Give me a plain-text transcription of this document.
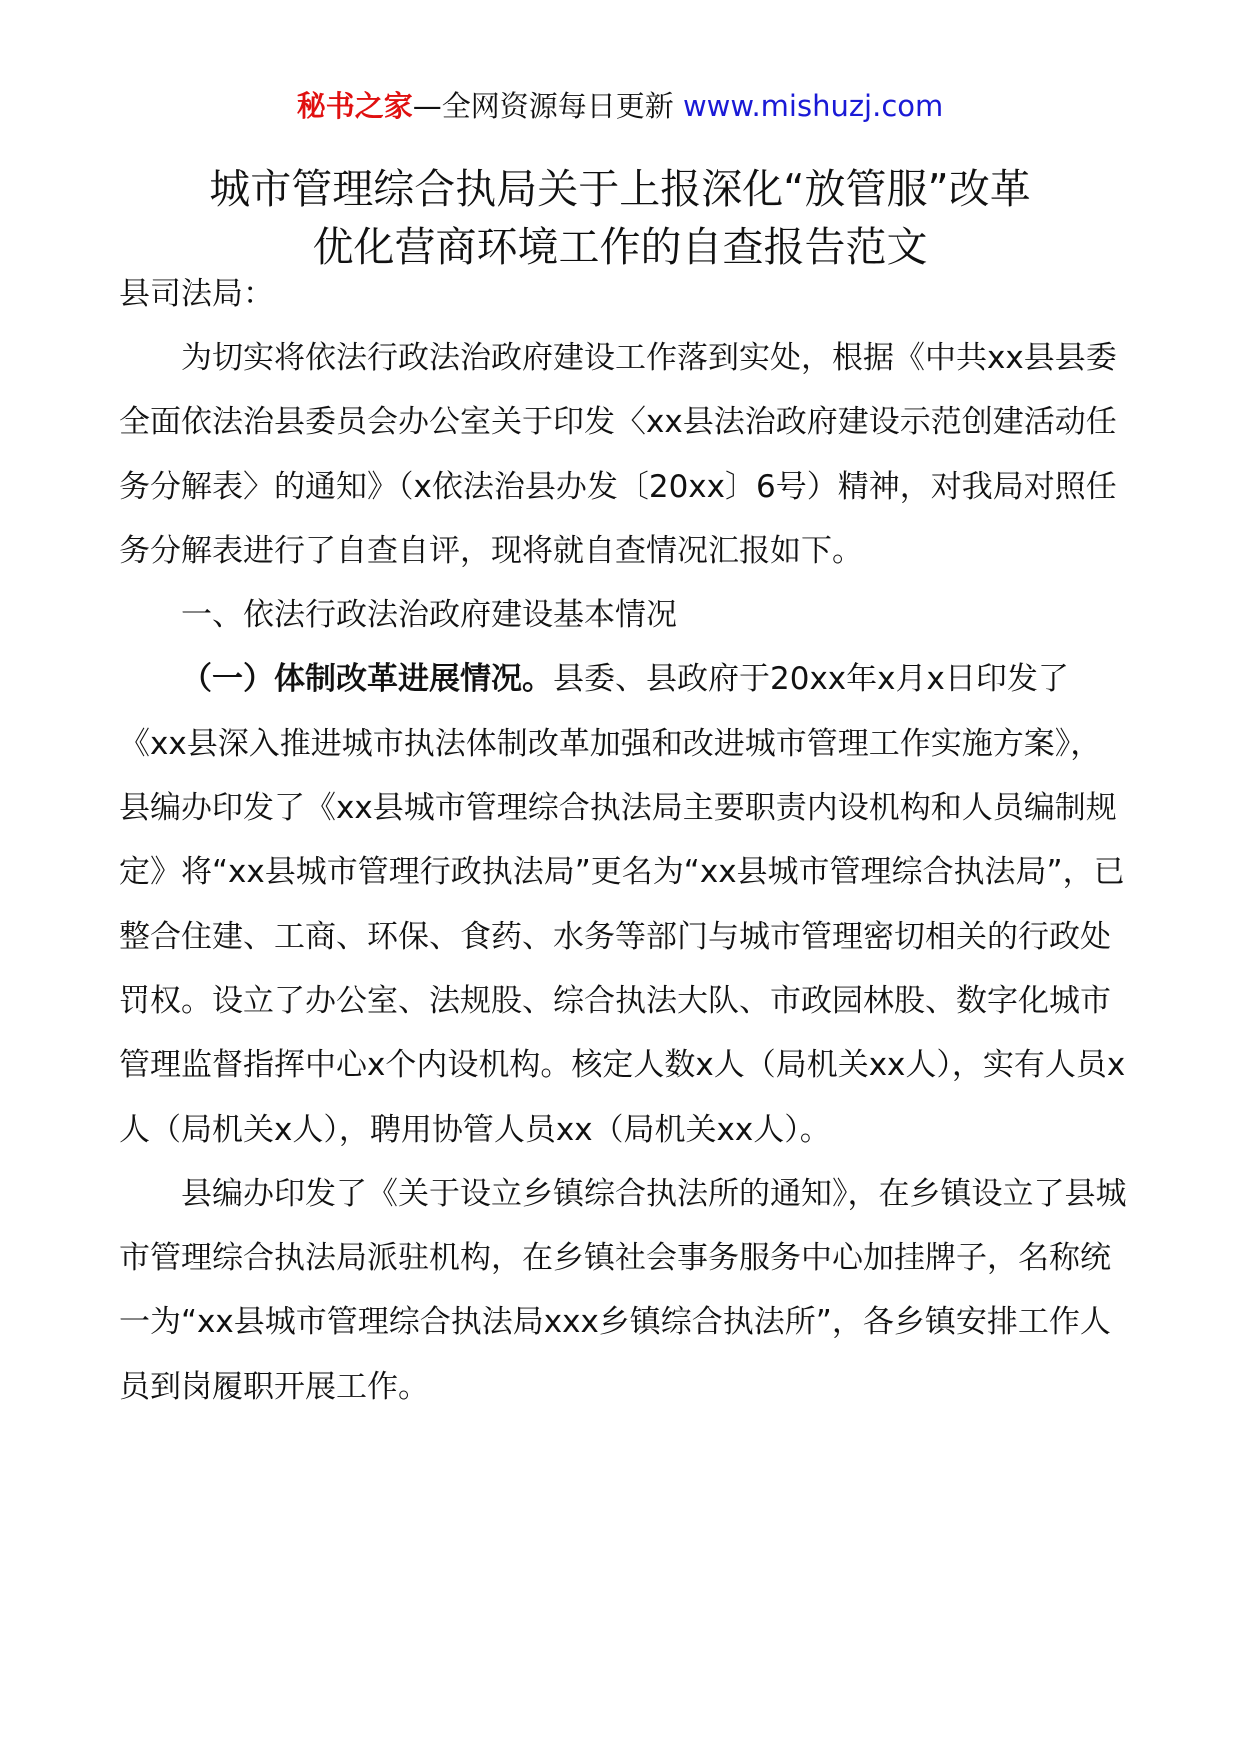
秘书之家—全网资源每日更新 www.mishuzj.com
城市管理综合执局关于上报深化“放管服”改革
优化营商环境工作的自查报告范文

县司法局：

为切实将依法行政法治政府建设工作落到实处，根据《中共xx县县委全面依法治县委员会办公室关于印发〈xx县法治政府建设示范创建活动任务分解表〉的通知》（x依法治县办发〔20xx〕6号）精神，对我局对照任务分解表进行了自查自评，现将就自查情况汇报如下。

一、依法行政法治政府建设基本情况

（一）体制改革进展情况。县委、县政府于20xx年x月x日印发了《xx县深入推进城市执法体制改革加强和改进城市管理工作实施方案》，县编办印发了《xx县城市管理综合执法局主要职责内设机构和人员编制规定》将“xx县城市管理行政执法局”更名为“xx县城市管理综合执法局”，已整合住建、工商、环保、食药、水务等部门与城市管理密切相关的行政处罚权。设立了办公室、法规股、综合执法大队、市政园林股、数字化城市管理监督指挥中心x个内设机构。核定人数x人（局机关xx人），实有人员x人（局机关x人），聘用协管人员xx（局机关xx人）。

县编办印发了《关于设立乡镇综合执法所的通知》，在乡镇设立了县城市管理综合执法局派驻机构，在乡镇社会事务服务中心加挂牌子，名称统一为“xx县城市管理综合执法局xxx乡镇综合执法所”，各乡镇安排工作人员到岗履职开展工作。
